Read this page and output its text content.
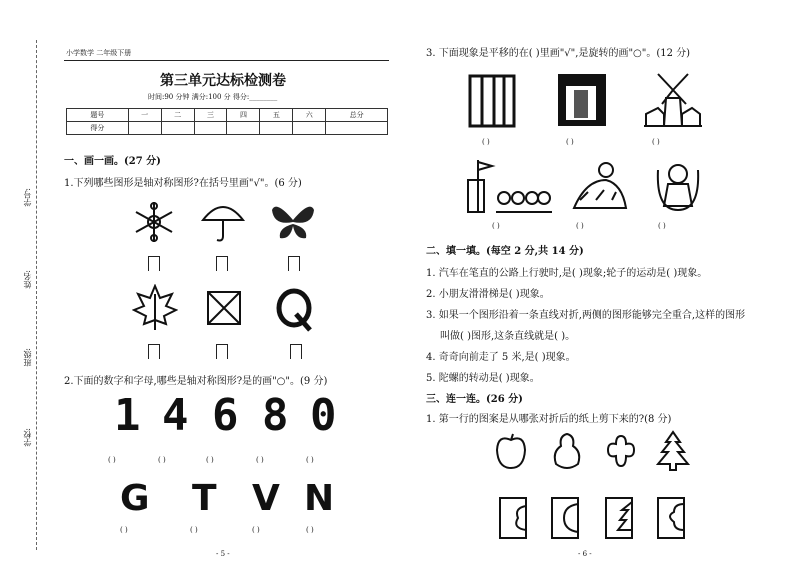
小学数学 二年级下册
第三单元达标检测卷
时间:90 分钟 满分:100 分 得分:________
题号	一	二	三	四	五	六	总分
得分							
学号:
姓名:
班级:
学校:
一、画一画。(27 分)
1.下列哪些图形是轴对称图形?在括号里画"√"。(6 分)
2.下面的数字和字母,哪些是轴对称图形?是的画"○"。(9 分)
1 4 6 8 0
( )	( )	( )	( )	( )
G T V N
( )	( )	( )	( )
- 5 -
3. 下面现象是平移的在( )里画"√",是旋转的画"○"。(12 分)
( )	( )	( )
( )	( )	( )
二、填一填。(每空 2 分,共 14 分)
1. 汽车在笔直的公路上行驶时,是( )现象;轮子的运动是( )现象。
2. 小朋友滑滑梯是( )现象。
3. 如果一个图形沿着一条直线对折,两侧的图形能够完全重合,这样的图形
叫做( )图形,这条直线就是( )。
4. 奇奇向前走了 5 米,是( )现象。
5. 陀螺的转动是( )现象。
三、连一连。(26 分)
1. 第一行的图案是从哪张对折后的纸上剪下来的?(8 分)
- 6 -
